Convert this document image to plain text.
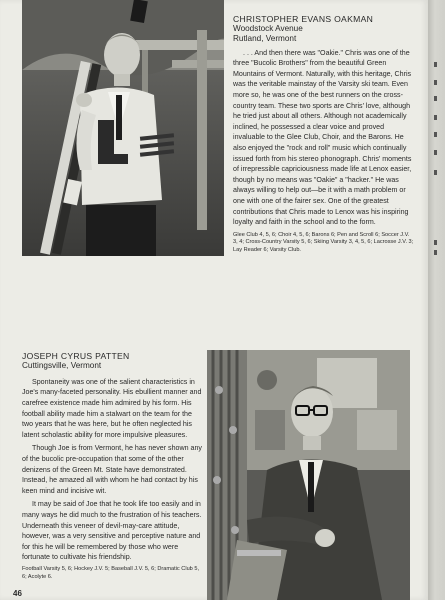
CHRISTOPHER EVANS OAKMAN

Woodstock Avenue

Rutland, Vermont

. . . And then there was "Oakie." Chris was one of the three "Bucolic Brothers" from the beautiful Green Mountains of Vermont. Naturally, with this heritage, Chris was the veritable mainstay of the Varsity ski team. Even more so, he was one of the best runners on the cross-country team. These two sports are Chris' love, although he tried just about all others. Although not academically inclined, he possessed a clear voice and proved invaluable to the Glee Club, Choir, and the Barons. He also enjoyed the "rock and roll" music which continually issued forth from his stereo phonograph. Chris' moments of irrepressible capriciousness made life at Lenox easier, though by no means was "Oakie" a "hacker." He was always willing to help out—be it with a math problem or one with one of the fairer sex. One of the greatest contributions that Chris made to Lenox was his inspiring loyalty and faith in the school and to the form.

Glee Club 4, 5, 6; Choir 4, 5, 6; Barons 6; Pen and Scroll 6; Soccer J.V. 3, 4; Cross-Country Varsity 5, 6; Skiing Varsity 3, 4, 5, 6; Lacrosse J.V. 3; Lay Reader 6; Varsity Club.

JOSEPH CYRUS PATTEN

Cuttingsville, Vermont

Spontaneity was one of the salient characteristics in Joe's many-faceted personality. His ebullient manner and carefree existence made him admired by his form. His football ability made him a stalwart on the team for the two years that he was here, but he often neglected his latent scholastic ability for more impulsive pleasures.

Though Joe is from Vermont, he has never shown any of the bucolic pre-occupation that some of the other denizens of the Green Mt. State have demonstrated. Instead, he amazed all with whom he had contact by his keen mind and incisive wit.

It may be said of Joe that he took life too easily and in many ways he did much to the frustration of his teachers. Underneath this veneer of devil-may-care attitude, however, was a very sensitive and perceptive nature and for this he will be remembered by those who were fortunate to cultivate his friendship.

Football Varsity 5, 6; Hockey J.V. 5; Baseball J.V. 5, 6; Dramatic Club 5, 6; Acolyte 6.

46
